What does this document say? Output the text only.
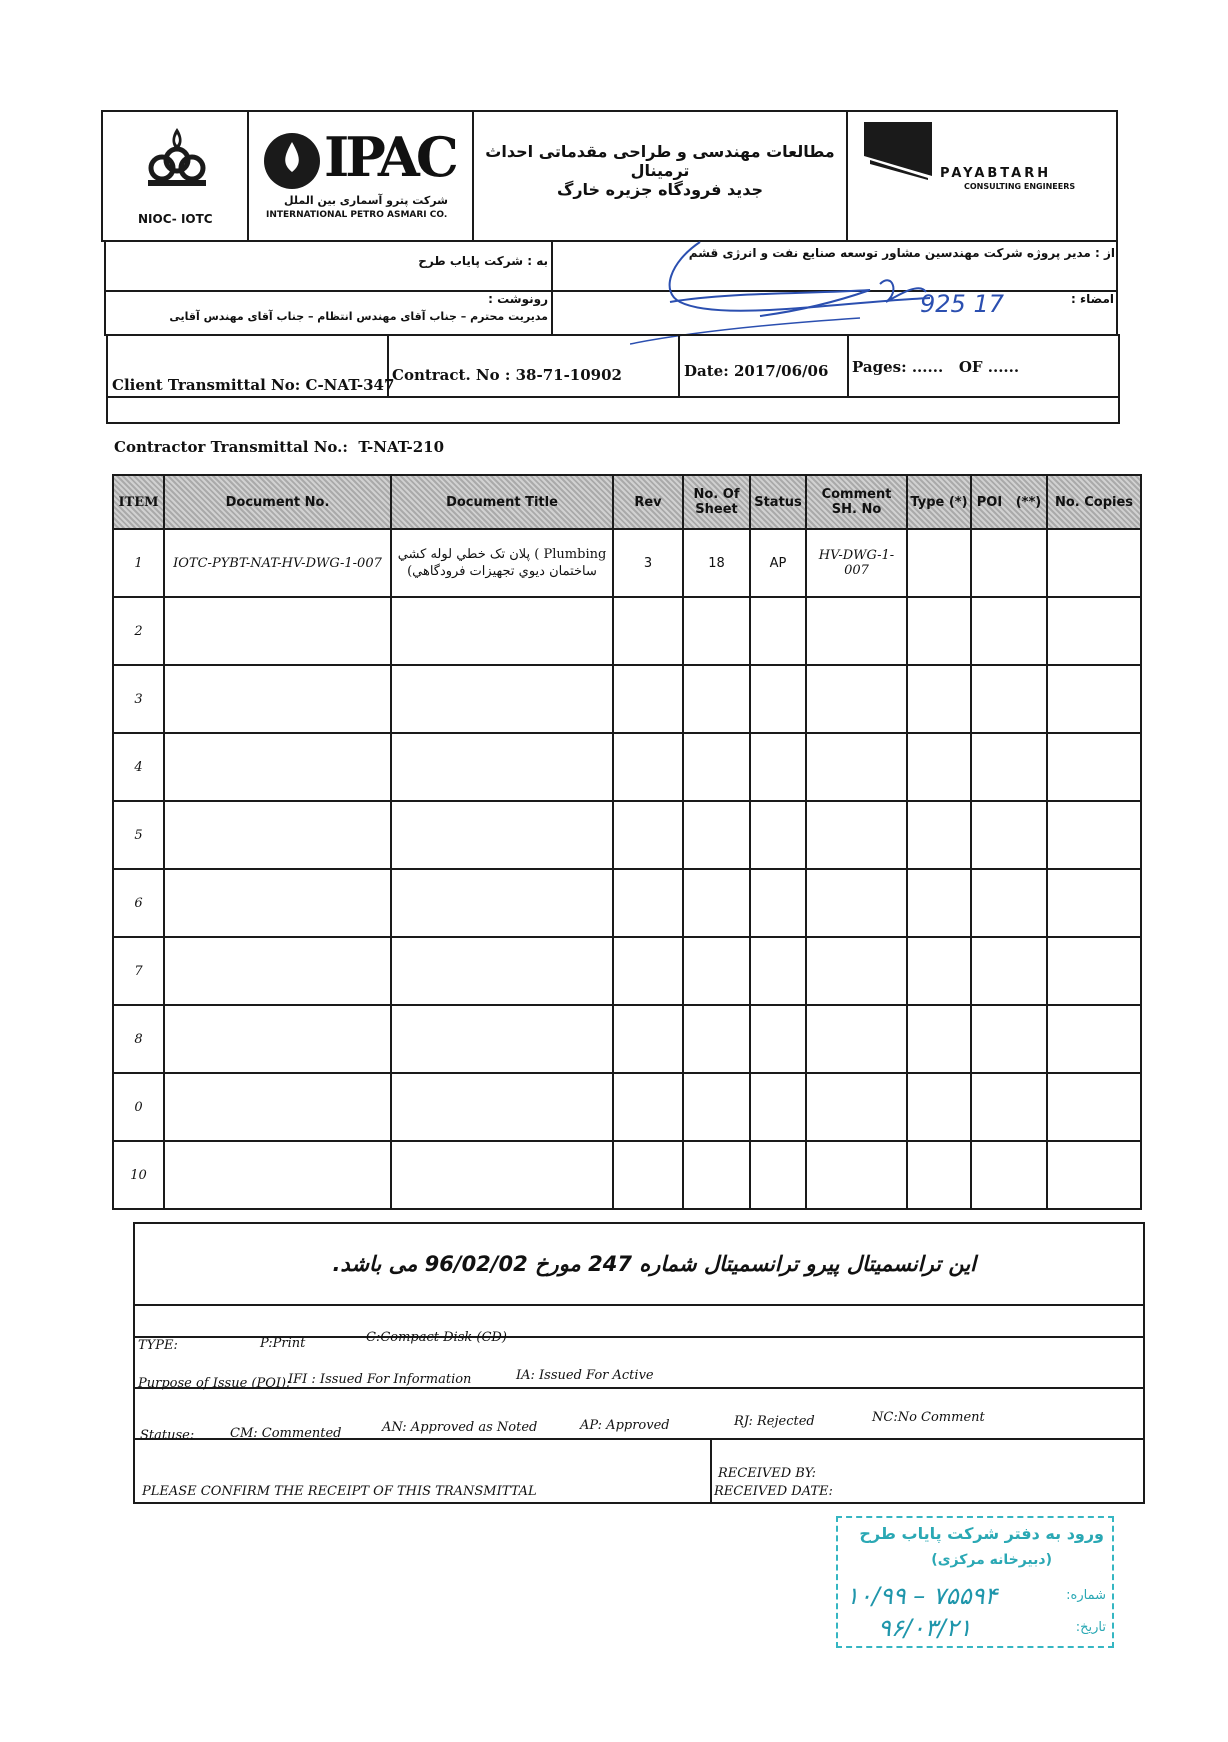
NIOC- IOTC
IPAC
شرکت پترو آسماری بین الملل
INTERNATIONAL PETRO ASMARI CO.
مطالعات مهندسی و طراحی مقدماتی احداث ترمینال
جدید فرودگاه جزیره خارگ
PAYABTARH
CONSULTING ENGINEERS
به : شرکت پایاب طرح
از : مدیر پروژه شرکت مهندسین مشاور توسعه صنایع نفت و انرژی قشم
رونوشت :
مدیریت محترم – جناب آقای مهندس انتظام – جناب آقای مهندس آقایی
امضاء :
925 17
Client Transmittal No: C-NAT-347
Contract. No : 38-71-10902	Date: 2017/06/06 Pages: ......   OF ......
Contractor Transmittal No.:  T-NAT-210
ITEM	Document No.	Document Title	Rev	No. Of Sheet	Status	Comment SH. No	Type (*)	POI   (**)	No. Copies
1	IOTC-PYBT-NAT-HV-DWG-1-007	Plumbing ) پلان تک خطي لوله کشي
ساختمان دیوي تجهیزات فرودگاهي)	3	18	AP	HV-DWG-1-007			
2		

3		

4		

5		

6		

7		

8		

0		

10		

این ترانسمیتال پیرو ترانسمیتال شماره 247 مورخ 96/02/02 می باشد.
TYPE:	P:Print	C:Compact Disk (CD)
Purpose of Issue (POI):
IFI : Issued For Information	IA: Issued For Active
Statuse:	CM: Commented	AN: Approved as Noted	AP: Approved	RJ: Rejected	NC:No Comment
PLEASE CONFIRM THE RECEIPT OF THIS TRANSMITTAL
RECEIVED BY:
RECEIVED DATE:
ورود به دفتر شرکت پایاب طرح
(دبیرخانه مرکزی)
شماره:
۱۰/۹۹ – ۷۵۵۹۴
تاریخ:
۹۶/۰۳/۲۱
